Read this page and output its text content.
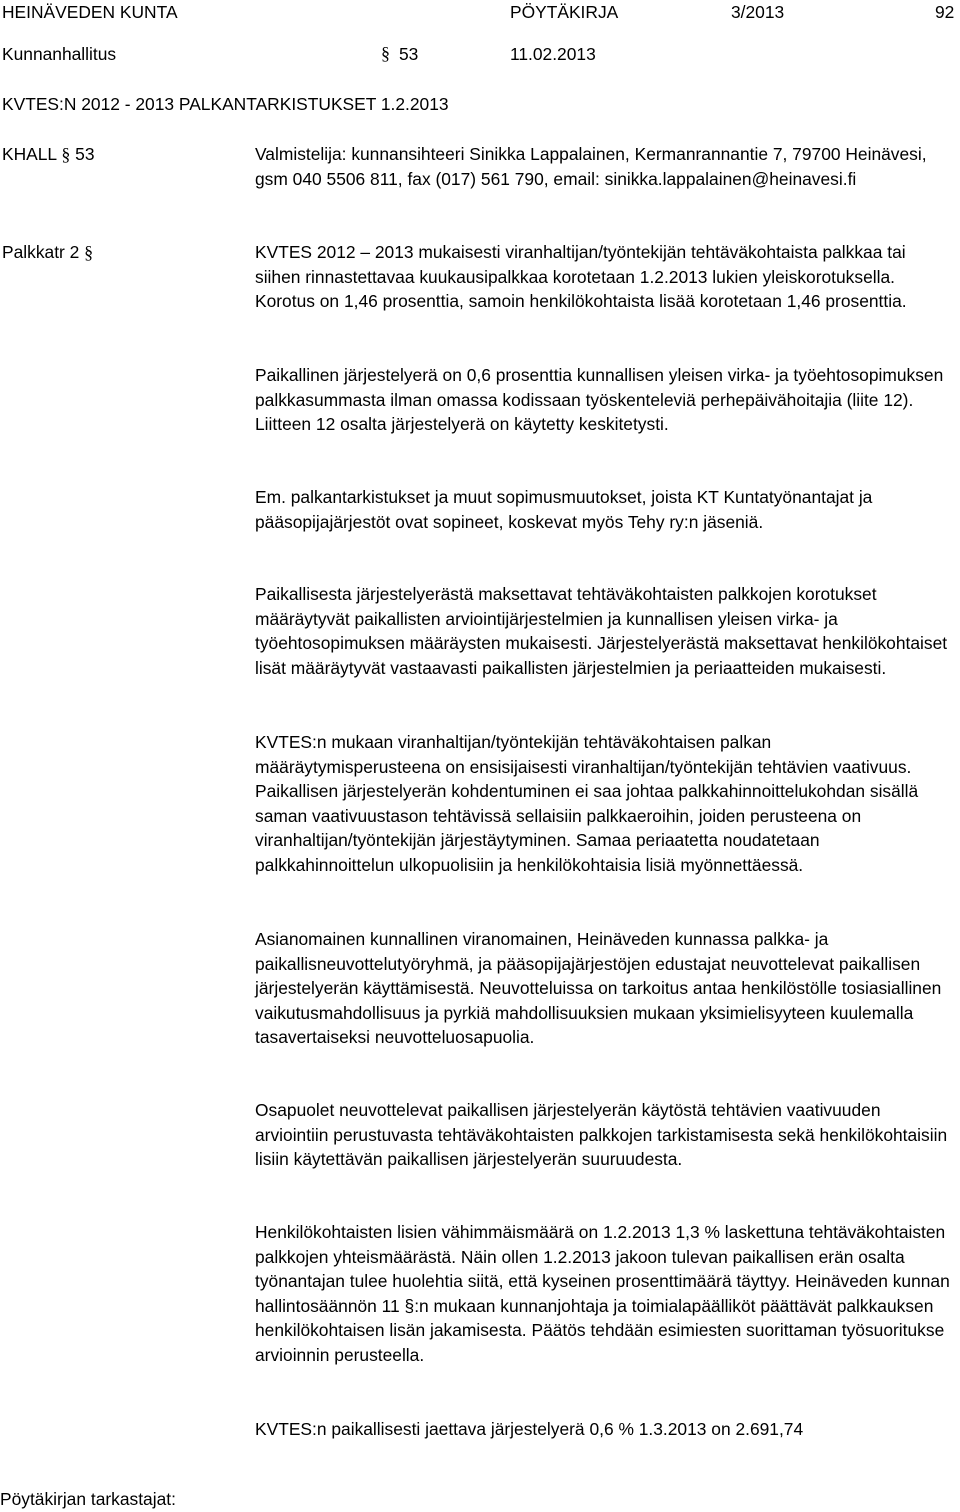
HEINÄVEDEN KUNTA	PÖYTÄKIRJA	3/2013	92
Kunnanhallitus	§ 53	11.02.2013
KVTES:N 2012 - 2013 PALKANTARKISTUKSET 1.2.2013
KHALL § 53	Valmistelija: kunnansihteeri Sinikka Lappalainen, Kermanrannantie 7, 79700 Heinävesi, gsm 040 5506 811, fax (017) 561 790, email: sinikka.lappalainen@heinavesi.fi
Palkkatr 2 §	KVTES 2012 – 2013 mukaisesti viranhaltijan/työntekijän tehtäväkohtaista palkkaa tai siihen rinnastettavaa kuukausipalkkaa korotetaan 1.2.2013 lukien yleiskorotuksella. Korotus on 1,46 prosenttia, samoin henkilökohtaista lisää korotetaan 1,46 prosenttia.
Paikallinen järjestelyerä on 0,6 prosenttia kunnallisen yleisen virka- ja työehtosopimuksen palkkasummasta ilman omassa kodissaan työskenteleviä perhepäivähoitajia (liite 12). Liitteen 12 osalta järjestelyerä on käytetty keskitetysti.
Em. palkantarkistukset ja muut sopimusmuutokset, joista KT Kuntatyönantajat ja pääsopijajärjestöt ovat sopineet, koskevat myös Tehy ry:n jäseniä.
Paikallisesta järjestelyerästä maksettavat tehtäväkohtaisten palkkojen korotukset määräytyvät paikallisten arviointijärjestelmien ja kunnallisen yleisen virka- ja työehtosopimuksen määräysten mukaisesti. Järjestelyerästä maksettavat henkilökohtaiset lisät määräytyvät vastaavasti paikallisten järjestelmien ja periaatteiden mukaisesti.
KVTES:n mukaan viranhaltijan/työntekijän tehtäväkohtaisen palkan määräytymisperusteena on ensisijaisesti viranhaltijan/työntekijän tehtävien vaativuus. Paikallisen järjestelyerän kohdentuminen ei saa johtaa palkkahinnoittelukohdan sisällä saman vaativuustason tehtävissä sellaisiin palkkaeroihin, joiden perusteena on viranhaltijan/työntekijän järjestäytyminen. Samaa periaatetta noudatetaan palkkahinnoittelun ulkopuolisiin ja henkilökohtaisia lisiä myönnettäessä.
Asianomainen kunnallinen viranomainen, Heinäveden kunnassa palkka- ja paikallisneuvottelutyöryhmä, ja pääsopijajärjestöjen edustajat neuvottelevat paikallisen järjestelyerän käyttämisestä. Neuvotteluissa on tarkoitus antaa henkilöstölle tosiasiallinen vaikutusmahdollisuus ja pyrkiä mahdollisuuksien mukaan yksimielisyyteen kuulemalla tasavertaiseksi neuvotteluosapuolia.
Osapuolet neuvottelevat paikallisen järjestelyerän käytöstä tehtävien vaativuuden arviointiin perustuvasta tehtäväkohtaisten palkkojen tarkistamisesta sekä henkilökohtaisiin lisiin käytettävän paikallisen järjestelyerän suuruudesta.
Henkilökohtaisten lisien vähimmäismäärä on 1.2.2013 1,3 % laskettuna tehtäväkohtaisten palkkojen yhteismäärästä. Näin ollen 1.2.2013 jakoon tulevan paikallisen erän osalta työnantajan tulee huolehtia siitä, että kyseinen prosenttimäärä täyttyy. Heinäveden kunnan hallintosäännön 11 §:n mukaan kunnanjohtaja ja toimialapäälliköt päättävät palkkauksen henkilökohtaisen lisän jakamisesta. Päätös tehdään esimiesten suorittaman työsuoritukse arvioinnin perusteella.
KVTES:n paikallisesti jaettava järjestelyerä 0,6 % 1.3.2013 on 2.691,74
Pöytäkirjan tarkastajat:
